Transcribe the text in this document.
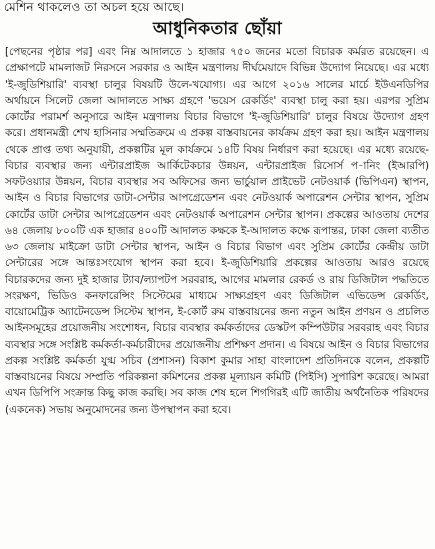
মেশিন থাকলেও তা অচল হয়ে আছে।

আধুনিকতার ছোঁয়া

[পেছনের পৃষ্ঠার পর] এবং নিম্ন আদালতে ১ হাজার ৭৫০ জনের মতো বিচারক কর্মরত রয়েছেন। এ প্রেক্ষাপটে মামলাজট নিরসনে সরকার ও আইন মন্ত্রণালয় দীর্ঘমেয়াদে বিভিন্ন উদ্যোগ নিয়েছে। এর মধ্যে 'ই-জুডিশিয়ারি' ব্যবস্থা চালুর বিষয়টি উলে-খযোগ্য। এর আগে ২০১৬ সালের মার্চে ইউএনডিপির অর্থায়নে সিলেট জেলা আদালতে সাক্ষ্য গ্রহণে 'ভয়েস রেকর্ডিং' ব্যবস্থা চালু করা হয়। এরপর সুপ্রিম কোর্টের পরামর্শ অনুসারে আইন মন্ত্রণালয় বিচার বিভাগে 'ই-জুডিশিয়ারি' চালুর বিষয়ে উদ্যোগ গ্রহণ করে। প্রধানমন্ত্রী শেখ হাসিনার সম্মতিক্রমে এ প্রকল্প বাস্তবায়নের কার্যক্রম গ্রহণ করা হয়। আইন মন্ত্রণালয় থেকে প্রাপ্ত তথ্য অনুযায়ী, প্রকল্পটির মূল কার্যক্রমে ১৪টি বিষয় নির্ধারণ করা হয়েছে। এর মধ্যে রয়েছে- বিচার ব্যবস্থার জন্য এন্টারপ্রাইজ আর্কিটেকচার উন্নয়ন, এন্টারপ্রাইজ রিসোর্স প-ানিং (ইআরপি) সফটওয়্যার উন্নয়ন, বিচার ব্যবস্থার সব অফিসের জন্য ভার্চুয়াল প্রাইভেট নেটওয়ার্ক (ভিপিএন) স্থাপন, আইন ও বিচার বিভাগের ডাটা-সেন্টার আপগ্রেডেশন এবং নেটওয়ার্ক অপারেশন সেন্টার স্থাপন, সুপ্রিম কোর্টের ডাটা সেন্টার আপগ্রেডেশন এবং নেটওয়ার্ক অপারেশন সেন্টার স্থাপন। প্রকল্পের আওতায় দেশের ৬৪ জেলায় ৮০০টি এক হাজার ৪০০টি আদালত কক্ষকে ই-আদালত কক্ষে রূপান্তর, ঢাকা জেলা ব্যতীত ৬৩ জেলায় মাইক্রো ডাটা সেন্টার স্থাপন, আইন ও বিচার বিভাগ এবং সুপ্রিম কোর্টের কেন্দ্রীয় ডাটা সেন্টারের সঙ্গে আন্তঃসংযোগ স্থাপন করা হবে। ই-জুডিশিয়ারি প্রকল্পের আওতায় আরও রয়েছে বিচারকদের জন্য দুই হাজার ট্যাব/ল্যাপটপ সরবরাহ, আগের মামলার রেকর্ড ও রায় ডিজিটাল পদ্ধতিতে সংরক্ষণ, ভিডিও কনফারেন্সিং সিস্টেমের মাধ্যমে সাক্ষ্যগ্রহণ এবং ডিজিটাল এভিডেন্স রেকর্ডিং, বায়োমেট্রিক অ্যাটেনডেন্স সিস্টেম স্থাপন, ই-কোর্ট রুম বাস্তবায়নের জন্য নতুন আইন প্রণয়ন ও প্রচলিত আইনসমূহের প্রয়োজনীয় সংশোধন, বিচার ব্যবস্থার কর্মকর্তাদের ডেস্কটপ কম্পিউটার সরবরাহ এবং বিচার ব্যবস্থার সঙ্গে সংশ্লিষ্ট কর্মকর্তা-কর্মচারীদের প্রয়োজনীয় প্রশিক্ষণ প্রদান। এ বিষয়ে আইন ও বিচার বিভাগের প্রকল্প সংশ্লিষ্ট কর্মকর্তা যুগ্ম সচিব (প্রশাসন) বিকাশ কুমার সাহা বাংলাদেশ প্রতিদিনকে বলেন, প্রকল্পটি বাস্তবায়নের বিষয়ে সম্প্রতি পরিকল্পনা কমিশনের প্রকল্প মূল্যায়ন কমিটি (পিইসি) সুপারিশ করেছে। আমরা এখন ডিপিপি সংক্রান্ত কিছু কাজ করছি। সব কাজ শেষ হলে শিগগিরই এটি জাতীয় অর্থনৈতিক পরিষদের (একনেক) সভায় অনুমোদনের জন্য উপস্থাপন করা হবে।
